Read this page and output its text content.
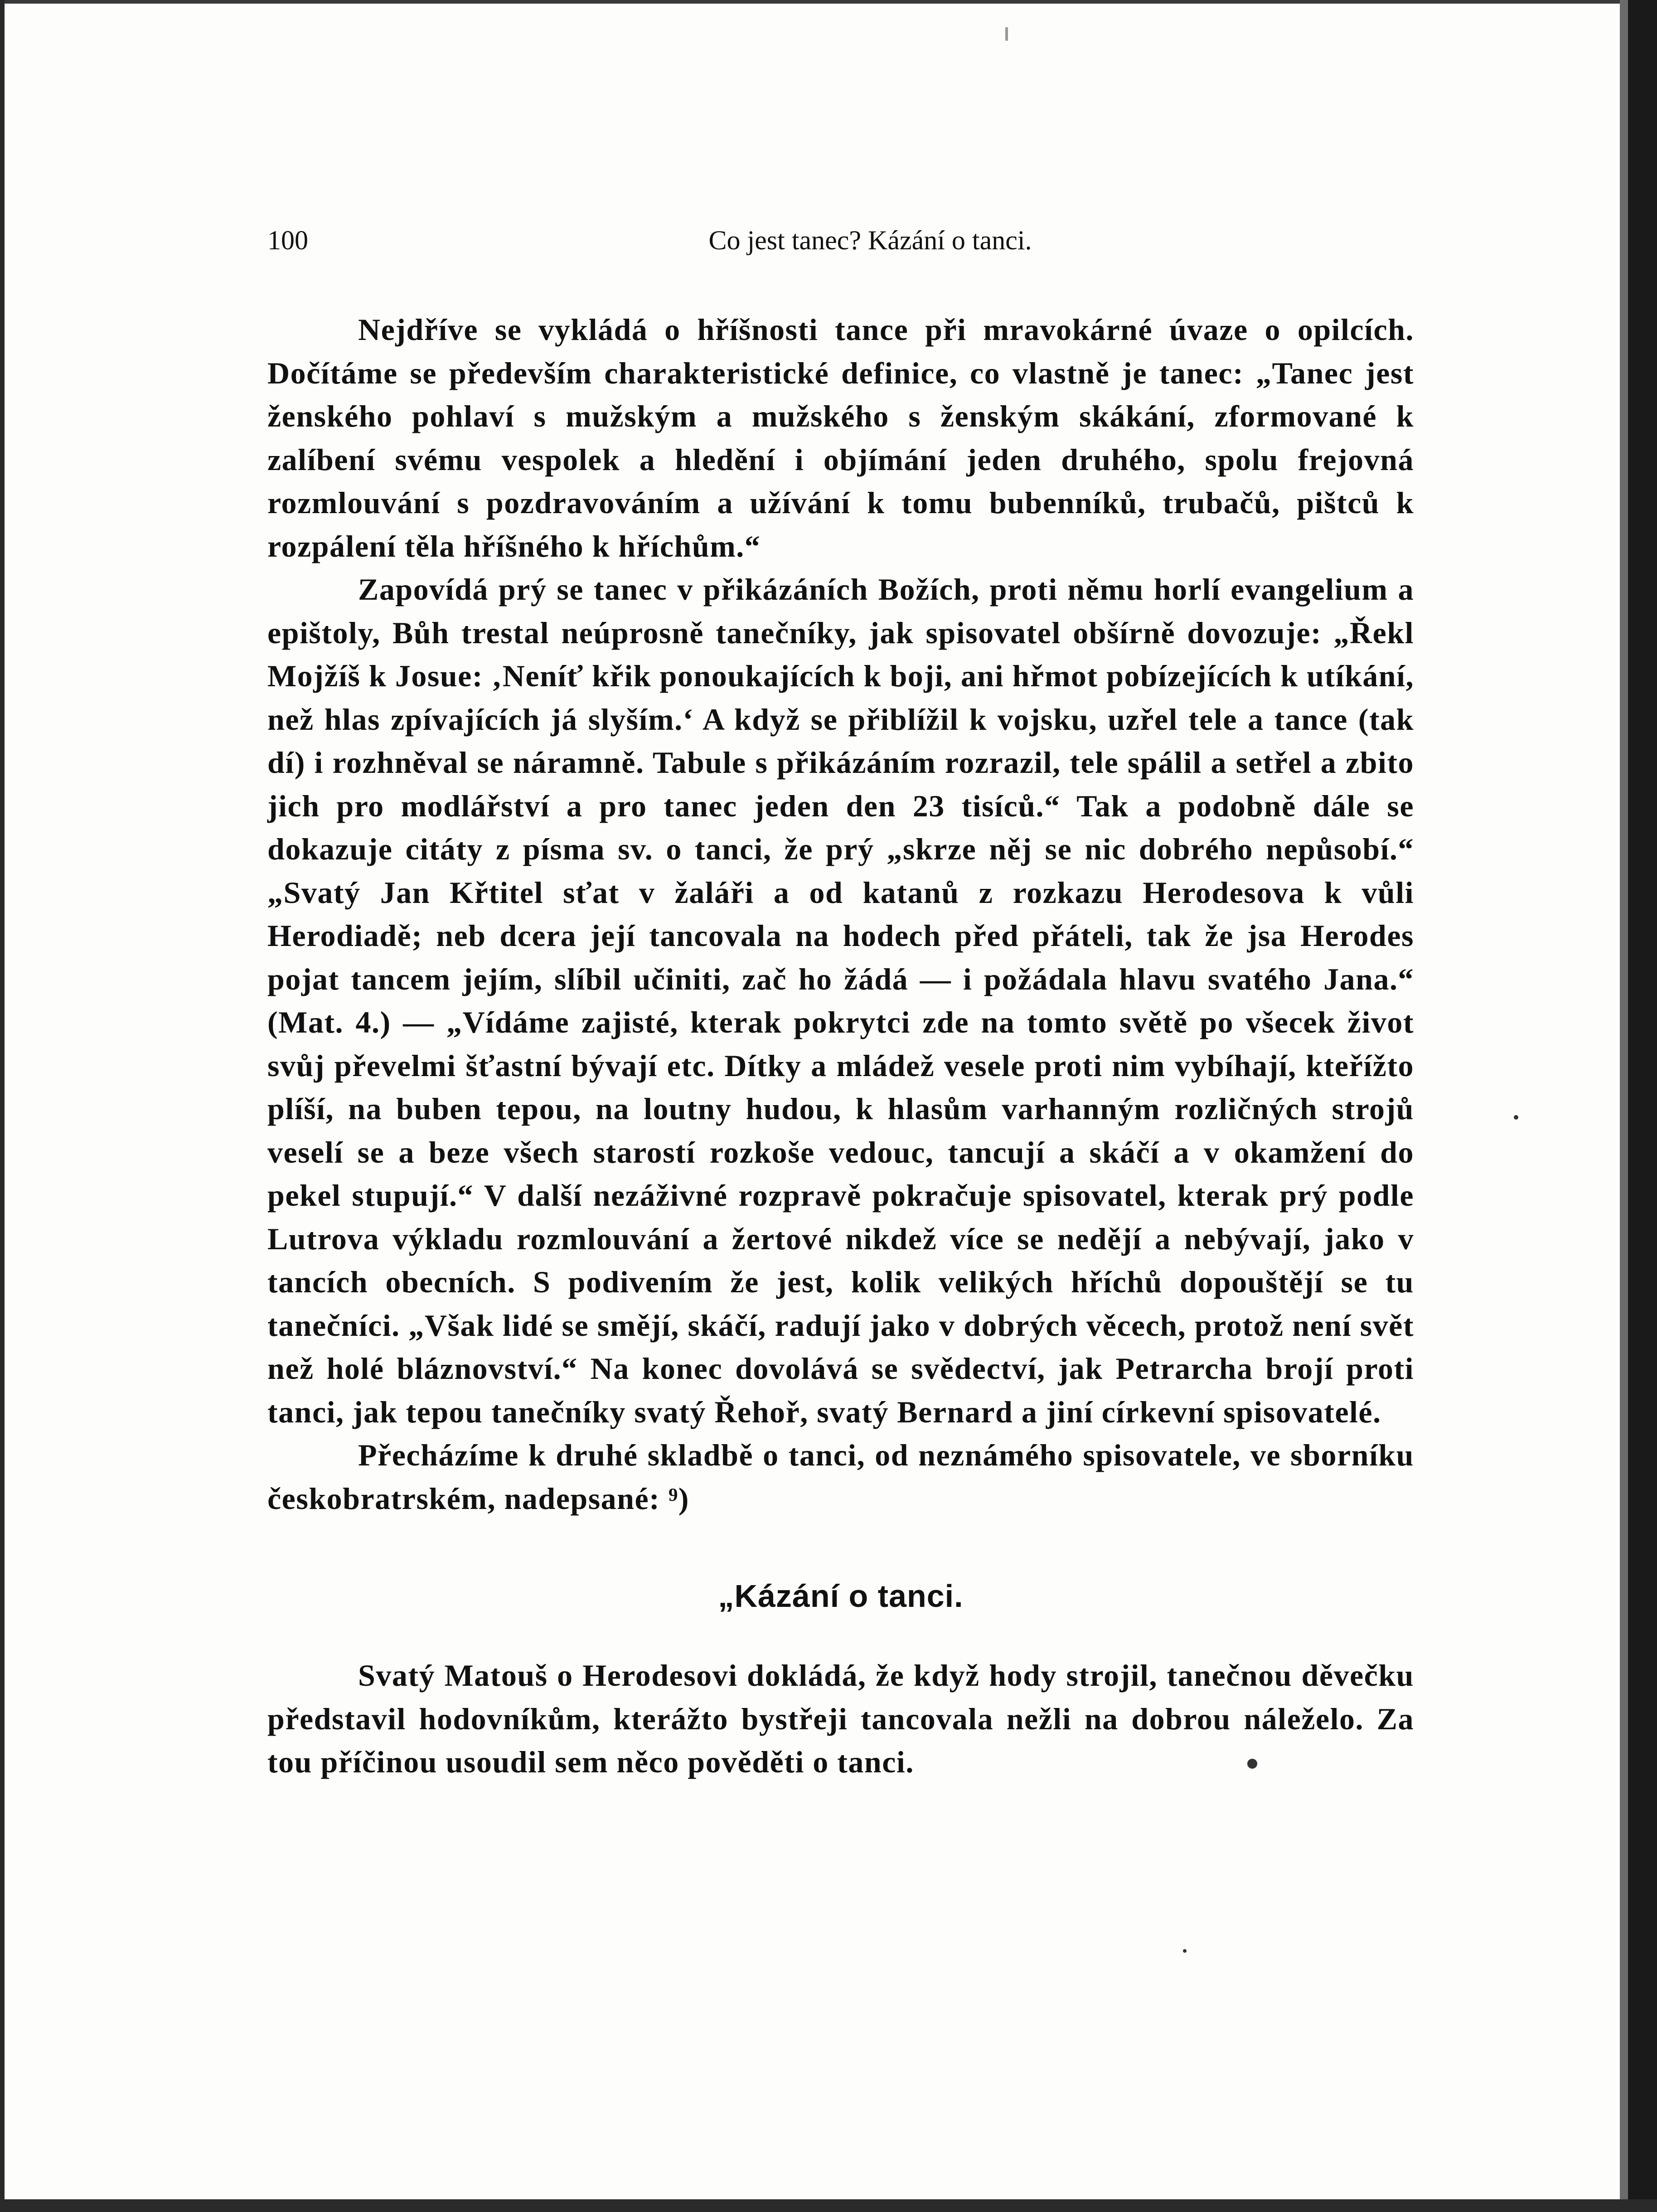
100	Co jest tanec? Kázání o tanci.

Nejdříve se vykládá o hříšnosti tance při mravokárné úvaze o opilcích. Dočítáme se především charakteristické definice, co vlastně je tanec: „Tanec jest ženského pohlaví s mužským a mužského s ženským skákání, zformované k zalíbení svému vespolek a hledění i objímání jeden druhého, spolu frejovná rozmlouvání s pozdravováním a užívání k tomu bubenníků, trubačů, pištců k rozpálení těla hříšného k hříchům.“

Zapovídá prý se tanec v přikázáních Božích, proti němu horlí evangelium a epištoly, Bůh trestal neúprosně tanečníky, jak spisovatel obšírně dovozuje: „Řekl Mojžíš k Josue: ‚Neníť křik ponoukajících k boji, ani hřmot pobízejících k utíkání, než hlas zpívajících já slyším.‘ A když se přiblížil k vojsku, uzřel tele a tance (tak dí) i rozhněval se náramně. Tabule s přikázáním rozrazil, tele spálil a setřel a zbito jich pro modlářství a pro tanec jeden den 23 tisíců.“ Tak a podobně dále se dokazuje citáty z písma sv. o tanci, že prý „skrze něj se nic dobrého nepůsobí.“ „Svatý Jan Křtitel sťat v žaláři a od katanů z rozkazu Herodesova k vůli Herodiadě; neb dcera její tancovala na hodech před přáteli, tak že jsa Herodes pojat tancem jejím, slíbil učiniti, zač ho žádá — i požádala hlavu svatého Jana.“ (Mat. 4.) — „Vídáme zajisté, kterak pokrytci zde na tomto světě po všecek život svůj převelmi šťastní bývají etc. Dítky a mládež vesele proti nim vybíhají, kteřížto plíší, na buben tepou, na loutny hudou, k hlasům varhanným rozličných strojů veselí se a beze všech starostí rozkoše vedouc, tancují a skáčí a v okamžení do pekel stupují.“ V další nezáživné rozpravě pokračuje spisovatel, kterak prý podle Lutrova výkladu rozmlouvání a žertové nikdež více se nedějí a nebývají, jako v tancích obecních. S podivením že jest, kolik velikých hříchů dopouštějí se tu tanečníci. „Však lidé se smějí, skáčí, radují jako v dobrých věcech, protož není svět než holé bláznovství.“ Na konec dovolává se svědectví, jak Petrarcha brojí proti tanci, jak tepou tanečníky svatý Řehoř, svatý Bernard a jiní církevní spisovatelé.

Přecházíme k druhé skladbě o tanci, od neznámého spisovatele, ve sborníku českobratrském, nadepsané: ⁹)

„Kázání o tanci.

Svatý Matouš o Herodesovi dokládá, že když hody strojil, tanečnou děvečku představil hodovníkům, kterážto bystřeji tancovala nežli na dobrou náleželo. Za tou příčinou usoudil sem něco pověděti o tanci.
